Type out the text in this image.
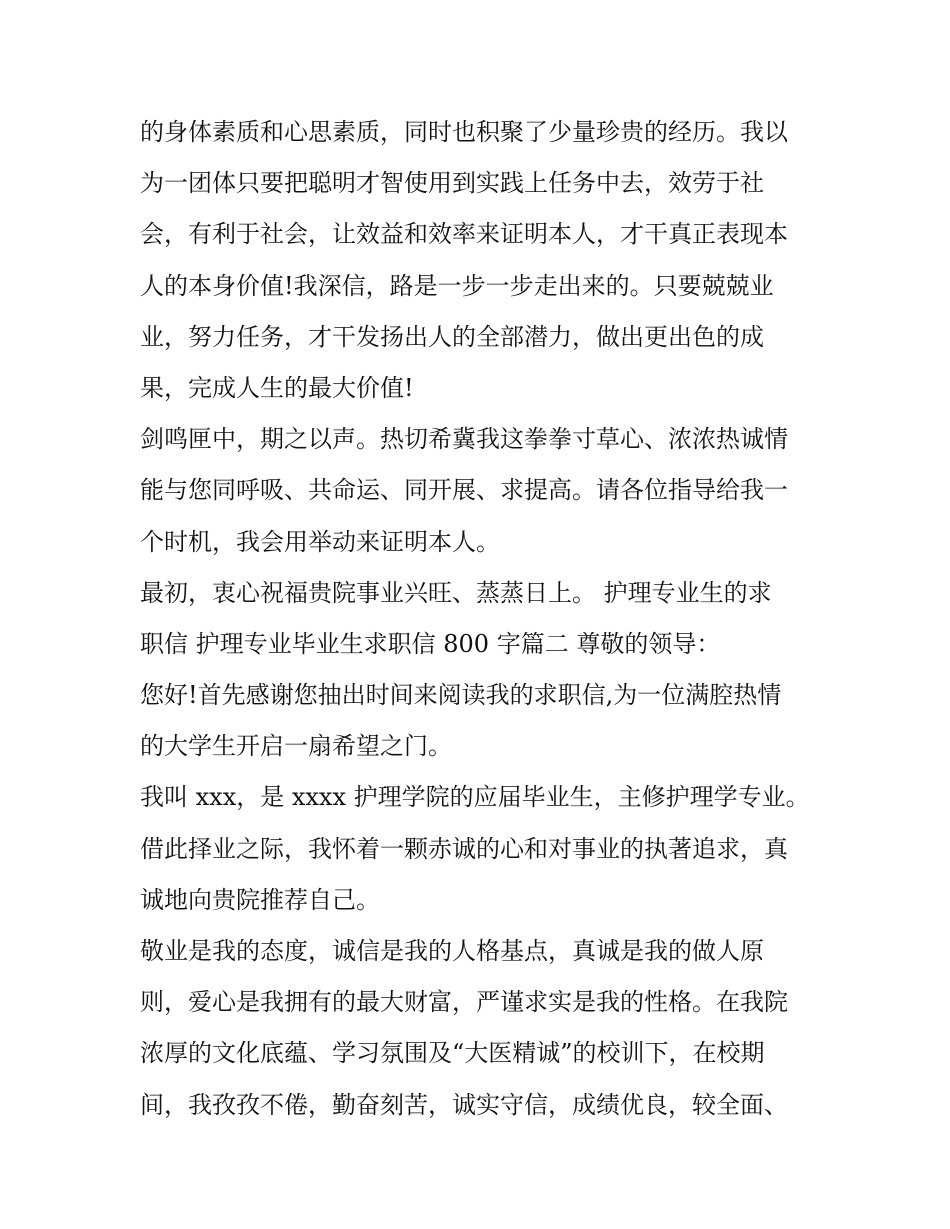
的身体素质和心思素质，同时也积聚了少量珍贵的经历。我以
为一团体只要把聪明才智使用到实践上任务中去，效劳于社
会，有利于社会，让效益和效率来证明本人，才干真正表现本
人的本身价值!我深信，路是一步一步走出来的。只要兢兢业
业，努力任务，才干发扬出人的全部潜力，做出更出色的成
果，完成人生的最大价值!
剑鸣匣中，期之以声。热切希冀我这拳拳寸草心、浓浓热诚情
能与您同呼吸、共命运、同开展、求提高。请各位指导给我一
个时机，我会用举动来证明本人。
最初，衷心祝福贵院事业兴旺、蒸蒸日上。 护理专业生的求
职信 护理专业毕业生求职信 800 字篇二 尊敬的领导：
您好!首先感谢您抽出时间来阅读我的求职信,为一位满腔热情
的大学生开启一扇希望之门。
我叫 xxx，是 xxxx 护理学院的应届毕业生，主修护理学专业。
借此择业之际，我怀着一颗赤诚的心和对事业的执著追求，真
诚地向贵院推荐自己。
敬业是我的态度，诚信是我的人格基点，真诚是我的做人原
则，爱心是我拥有的最大财富，严谨求实是我的性格。在我院
浓厚的文化底蕴、学习氛围及“大医精诚”的校训下，在校期
间，我孜孜不倦，勤奋刻苦，诚实守信，成绩优良，较全面、
